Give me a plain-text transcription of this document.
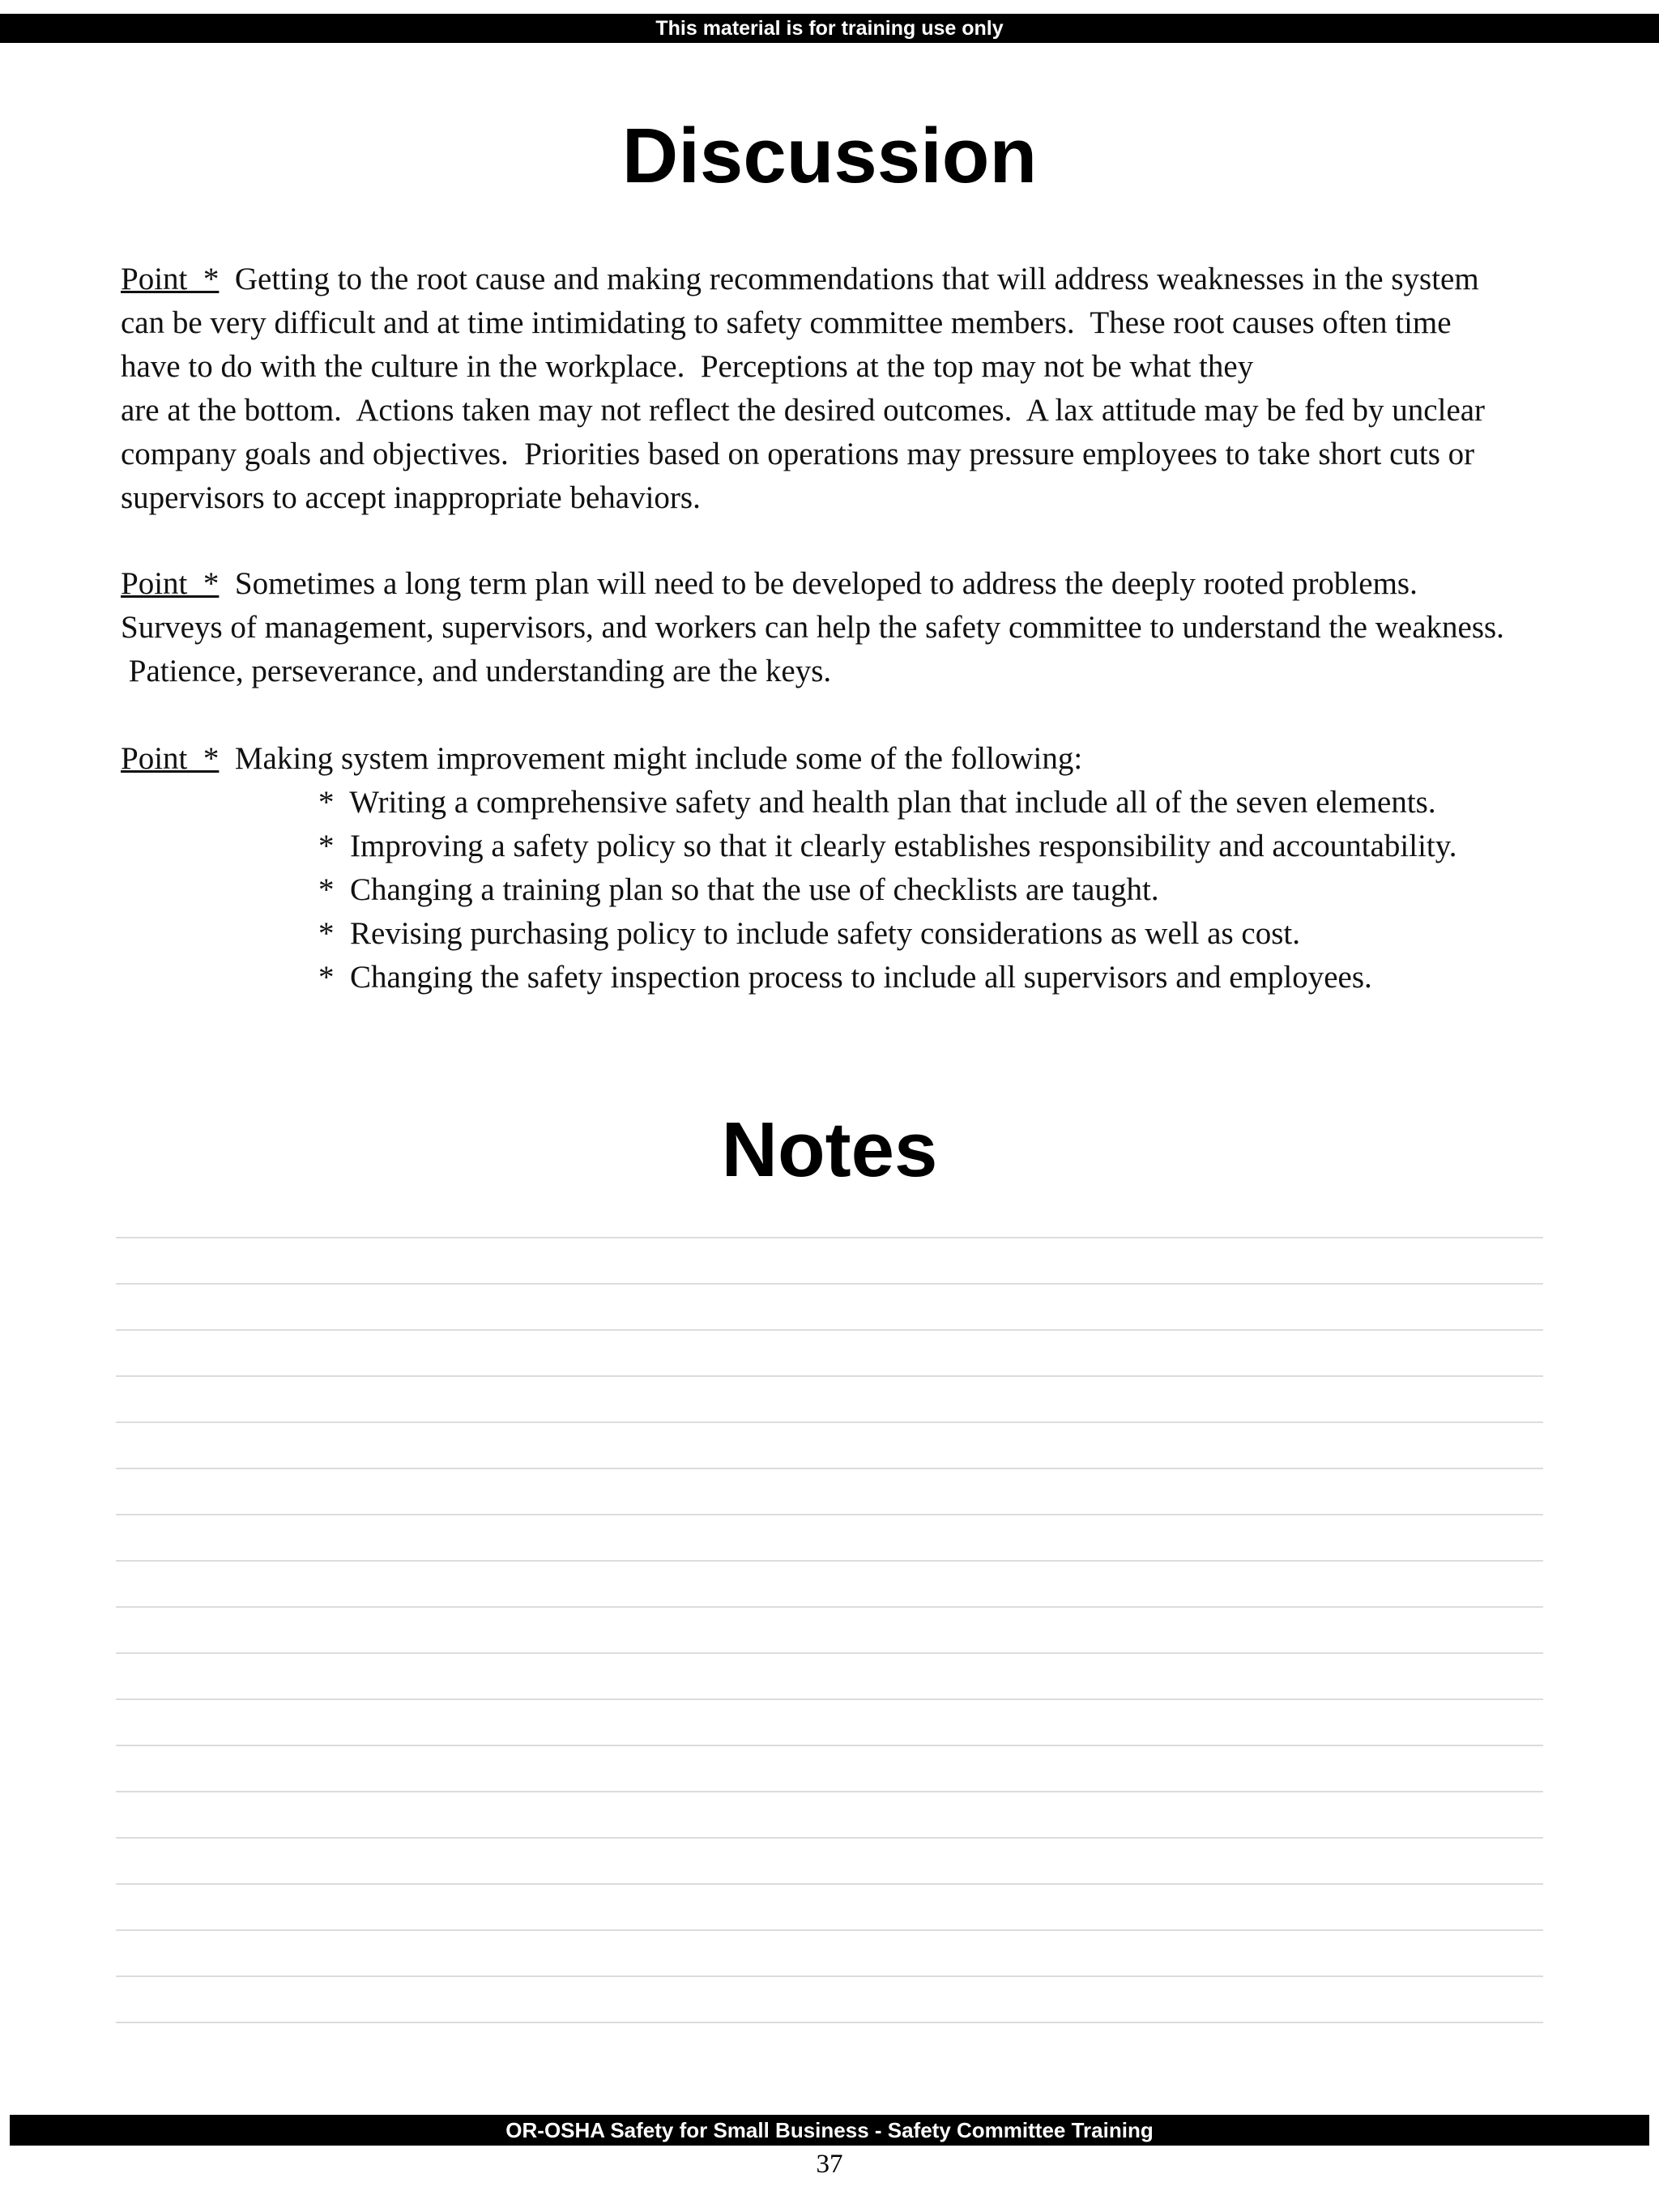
This material is for training use only
Discussion

Point  *  Getting to the root cause and making recommendations that will address weaknesses in the system
can be very difficult and at time intimidating to safety committee members.  These root causes often time
have to do with the culture in the workplace.  Perceptions at the top may not be what they
are at the bottom.  Actions taken may not reflect the desired outcomes.  A lax attitude may be fed by unclear
company goals and objectives.  Priorities based on operations may pressure employees to take short cuts or
supervisors to accept inappropriate behaviors.

Point  *  Sometimes a long term plan will need to be developed to address the deeply rooted problems.
Surveys of management, supervisors, and workers can help the safety committee to understand the weakness.
Patience, perseverance, and understanding are the keys.

Point  *  Making system improvement might include some of the following:

*  Writing a comprehensive safety and health plan that include all of the seven elements.
*  Improving a safety policy so that it clearly establishes responsibility and accountability.
*  Changing a training plan so that the use of checklists are taught.
*  Revising purchasing policy to include safety considerations as well as cost.
*  Changing the safety inspection process to include all supervisors and employees.
Notes
OR-OSHA Safety for Small Business - Safety Committee Training
37
